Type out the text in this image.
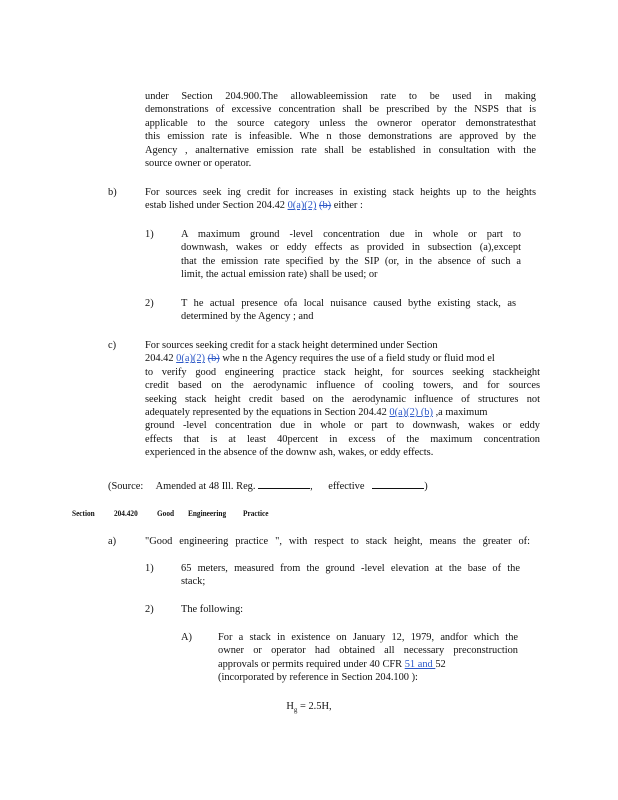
under Section 204.900.The allowableemission rate to be used in making
demonstrations of excessive concentration shall be prescribed by the NSPS that is
applicable to the source category unless the owneror operator demonstratesthat
this emission rate is infeasible. Whe n those demonstrations are approved by the
Agency , analternative emission rate shall be established in consultation with the
source owner or operator.
b)	For sources seek ing credit for increases in existing stack heights up to the heights
estab lished under Section 204.42 0(a)(2) (b) either :
1)	A maximum ground -level concentration due in whole or part to
downwash, wakes or eddy effects as provided in subsection (a),except
that the emission rate specified by the SIP (or, in the absence of such a
limit, the actual emission rate) shall be used; or
2)	T he actual presence ofa local nuisance caused bythe existing stack, as
determined by the Agency ; and
c)	For sources seeking credit for a stack height determined under Section
204.42 0(a)(2) (b) whe n the Agency requires the use of a field study or fluid mod el
to verify good engineering practice stack height, for sources seeking stackheight
credit based on the aerodynamic influence of cooling towers, and for sources
seeking stack height credit based on the aerodynamic influence of structures not
adequately represented by the equations in Section 204.42 0(a)(2) (b) ,a maximum
ground -level concentration due in whole or part to downwash, wakes or eddy
effects that is at least 40percent in excess of the maximum concentration
experienced in the absence of the downw ash, wakes, or eddy effects.
(Source: Amended at 48 Ill. Reg.	, effective	)
Section 204.420 Good Engineering Practice
a)	"Good engineering practice ", with respect to stack height, means the greater of:
1)	65 meters, measured from the ground -level elevation at the base of the
stack;
2)	The following:
A)	For a stack in existence on January 12, 1979, andfor which the
owner or operator had obtained all necessary preconstruction
approvals or permits required under 40 CFR 51 and 52
(incorporated by reference in Section 204.100 ):
$H_g = 2.5H$,
